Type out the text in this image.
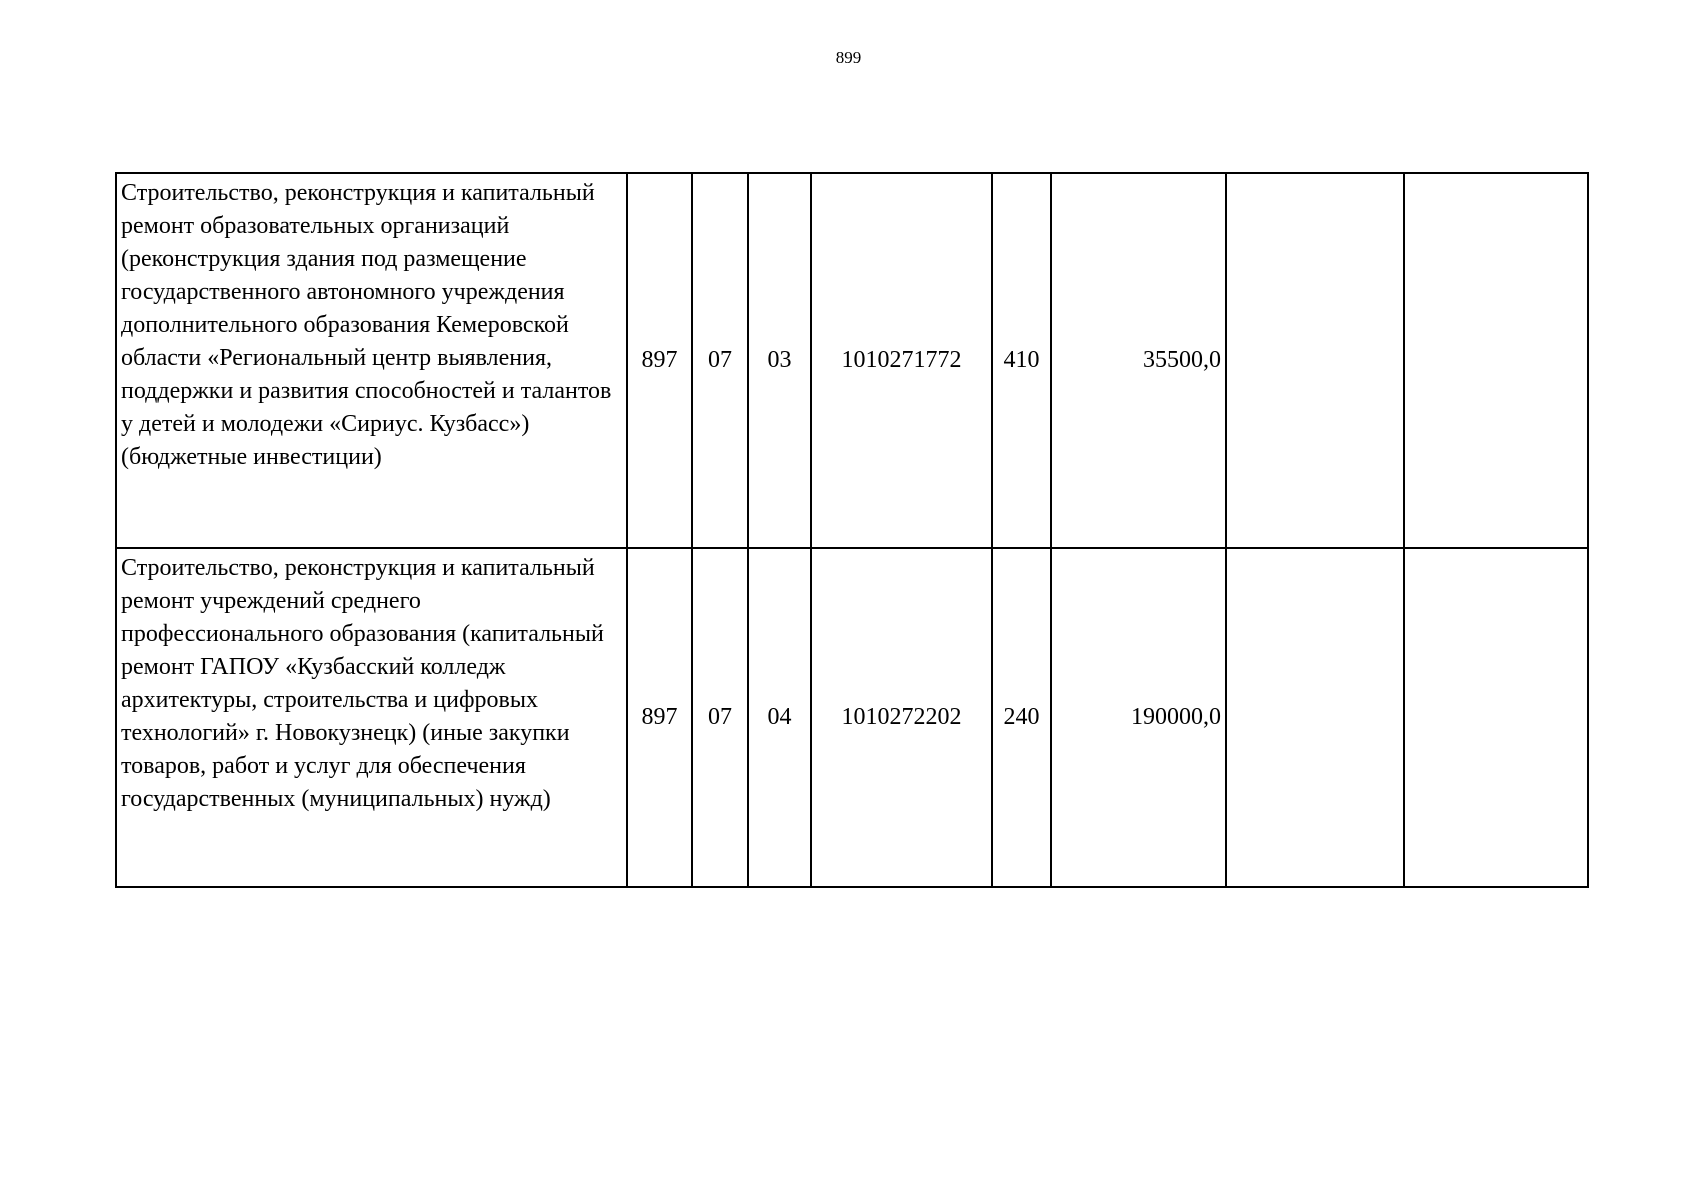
899
Строительство, реконструкция и капитальный ремонт образовательных организаций (реконструкция здания под размещение государственного автономного учреждения дополнительного образования Кемеровской области «Региональный центр выявления, поддержки и развития способностей и талантов у детей и молодежи «Сириус. Кузбасс») (бюджетные инвестиции)	897	07	03	1010271772	410	35500,0		
Строительство, реконструкция и капитальный ремонт учреждений среднего профессионального образования (капитальный ремонт ГАПОУ «Кузбасский колледж архитектуры, строительства и цифровых технологий» г. Новокузнецк) (иные закупки товаров, работ и услуг для обеспечения государственных (муниципальных) нужд)	897	07	04	1010272202	240	190000,0		
